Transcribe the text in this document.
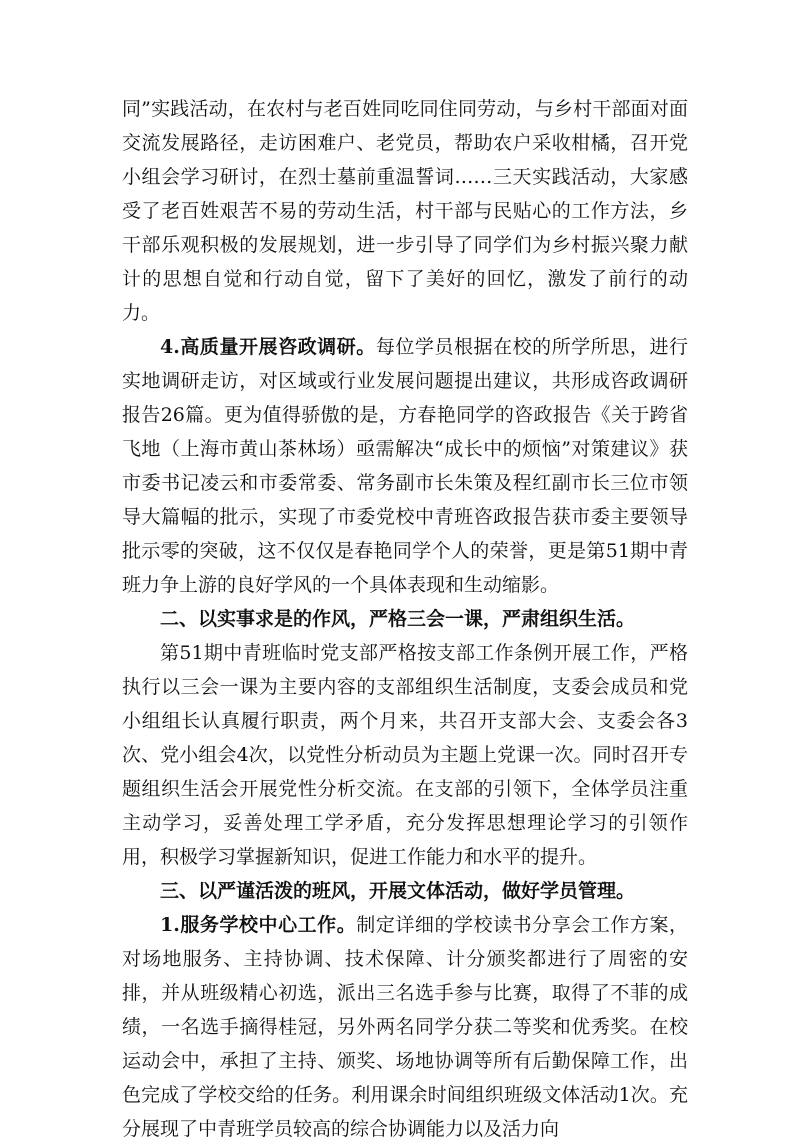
同”实践活动，在农村与老百姓同吃同住同劳动，与乡村干部面对面交流发展路径，走访困难户、老党员，帮助农户采收柑橘，召开党小组会学习研讨，在烈士墓前重温誓词……三天实践活动，大家感受了老百姓艰苦不易的劳动生活，村干部与民贴心的工作方法，乡干部乐观积极的发展规划，进一步引导了同学们为乡村振兴聚力献计的思想自觉和行动自觉，留下了美好的回忆，激发了前行的动力。

4.高质量开展咨政调研。每位学员根据在校的所学所思，进行实地调研走访，对区域或行业发展问题提出建议，共形成咨政调研报告26篇。更为值得骄傲的是，方春艳同学的咨政报告《关于跨省飞地（上海市黄山茶林场）亟需解决“成长中的烦恼”对策建议》获市委书记凌云和市委常委、常务副市长朱策及程红副市长三位市领导大篇幅的批示，实现了市委党校中青班咨政报告获市委主要领导批示零的突破，这不仅仅是春艳同学个人的荣誉，更是第51期中青班力争上游的良好学风的一个具体表现和生动缩影。

二、以实事求是的作风，严格三会一课，严肃组织生活。

第51期中青班临时党支部严格按支部工作条例开展工作，严格执行以三会一课为主要内容的支部组织生活制度，支委会成员和党小组组长认真履行职责，两个月来，共召开支部大会、支委会各3次、党小组会4次，以党性分析动员为主题上党课一次。同时召开专题组织生活会开展党性分析交流。在支部的引领下，全体学员注重主动学习，妥善处理工学矛盾，充分发挥思想理论学习的引领作用，积极学习掌握新知识，促进工作能力和水平的提升。

三、以严谨活泼的班风，开展文体活动，做好学员管理。

1.服务学校中心工作。制定详细的学校读书分享会工作方案，对场地服务、主持协调、技术保障、计分颁奖都进行了周密的安排，并从班级精心初选，派出三名选手参与比赛，取得了不菲的成绩，一名选手摘得桂冠，另外两名同学分获二等奖和优秀奖。在校运动会中，承担了主持、颁奖、场地协调等所有后勤保障工作，出色完成了学校交给的任务。利用课余时间组织班级文体活动1次。充分展现了中青班学员较高的综合协调能力以及活力向
